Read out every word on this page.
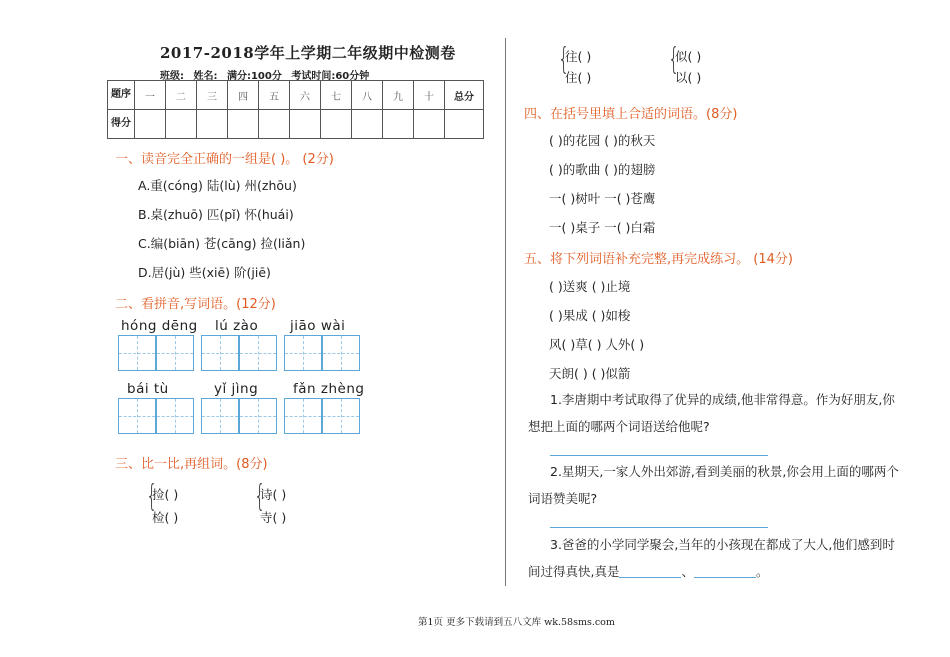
2017-2018学年上学期二年级期中检测卷
班级: 姓名: 满分:100分 考试时间:60分钟
题序	一	二	三	四	五	六	七	八	九	十	总分
得分											
一、读音完全正确的一组是( )。 (2分)
A.重(cóng) 陆(lù) 州(zhōu)
B.桌(zhuō) 匹(pǐ) 怀(huái)
C.编(biān) 苍(cāng) 捡(liǎn)
D.居(jù) 些(xiē) 阶(jiē)
二、看拼音,写词语。(12分)
hóng dēng lú zào jiāo wài
bái tù	yǐ jìng	fǎn zhèng
三、比一比,再组词。(8分)
{
捡( )
检( )
{
诗( )
寺( )
{
往( )
住( )
{
似( )
以( )
四、在括号里填上合适的词语。(8分)
( )的花园 ( )的秋天
( )的歌曲 ( )的翅膀
一( )树叶 一( )苍鹰
一( )桌子 一( )白霜
五、将下列词语补充完整,再完成练习。 (14分)
( )送爽 ( )止境
( )果成 ( )如梭
风( )草( ) 人外( )
天朗( ) ( )似箭
1.李唐期中考试取得了优异的成绩,他非常得意。作为好朋友,你想把上面的哪两个词语送给他呢?
2.星期天,一家人外出郊游,看到美丽的秋景,你会用上面的哪两个词语赞美呢?
3.爸爸的小学同学聚会,当年的小孩现在都成了大人,他们感到时间过得真快,真是	、	。
第1页 更多下载请到五八文库 wk.58sms.com
